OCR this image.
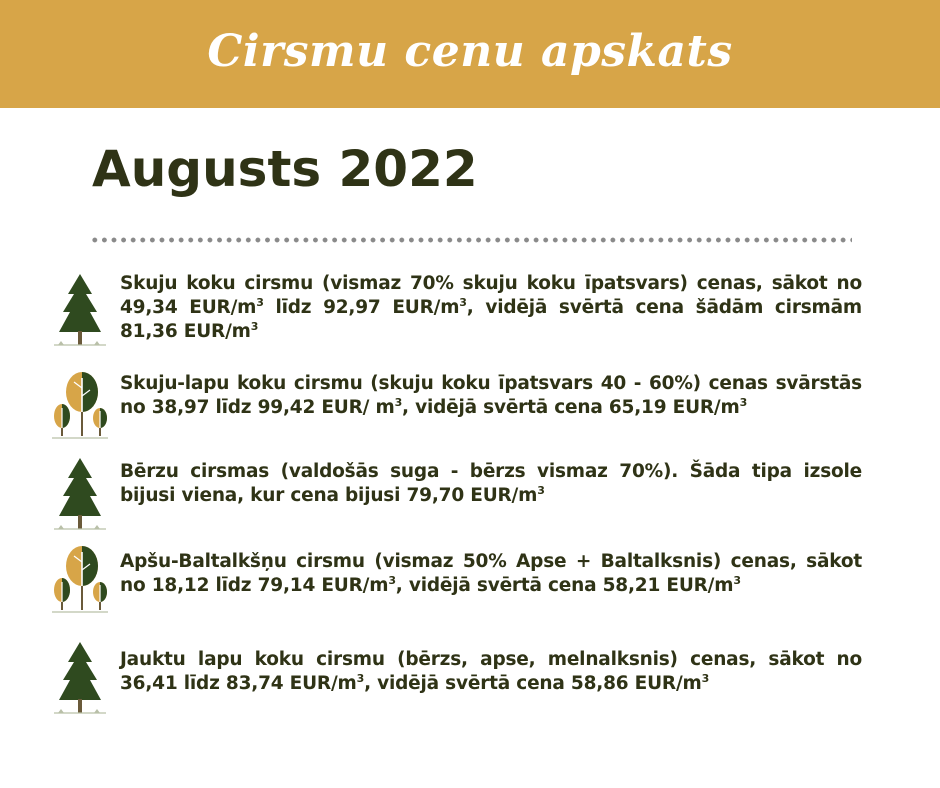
Cirsmu cenu apskats
Augusts 2022
Skuju koku cirsmu (vismaz 70% skuju koku īpatsvars) cenas, sākot no 49,34 EUR/$m^3$ līdz 92,97 EUR/$m^3$, vidējā svērtā cena šādām cirsmām 81,36 EUR/$m^3$
Skuju-lapu koku cirsmu (skuju koku īpatsvars 40 - 60%) cenas svārstās no 38,97 līdz 99,42 EUR/ $m^3$, vidējā svērtā cena 65,19 EUR/$m^3$
Bērzu cirsmas (valdošās suga - bērzs vismaz 70%). Šāda tipa izsole bijusi viena, kur cena bijusi 79,70 EUR/$m^3$
Apšu-Baltalkšņu cirsmu (vismaz 50% Apse + Baltalksnis) cenas, sākot no 18,12 līdz 79,14 EUR/$m^3$, vidējā svērtā cena 58,21 EUR/$m^3$
Jauktu lapu koku cirsmu (bērzs, apse, melnalksnis) cenas, sākot no 36,41 līdz 83,74 EUR/$m^3$, vidējā svērtā cena 58,86 EUR/$m^3$
